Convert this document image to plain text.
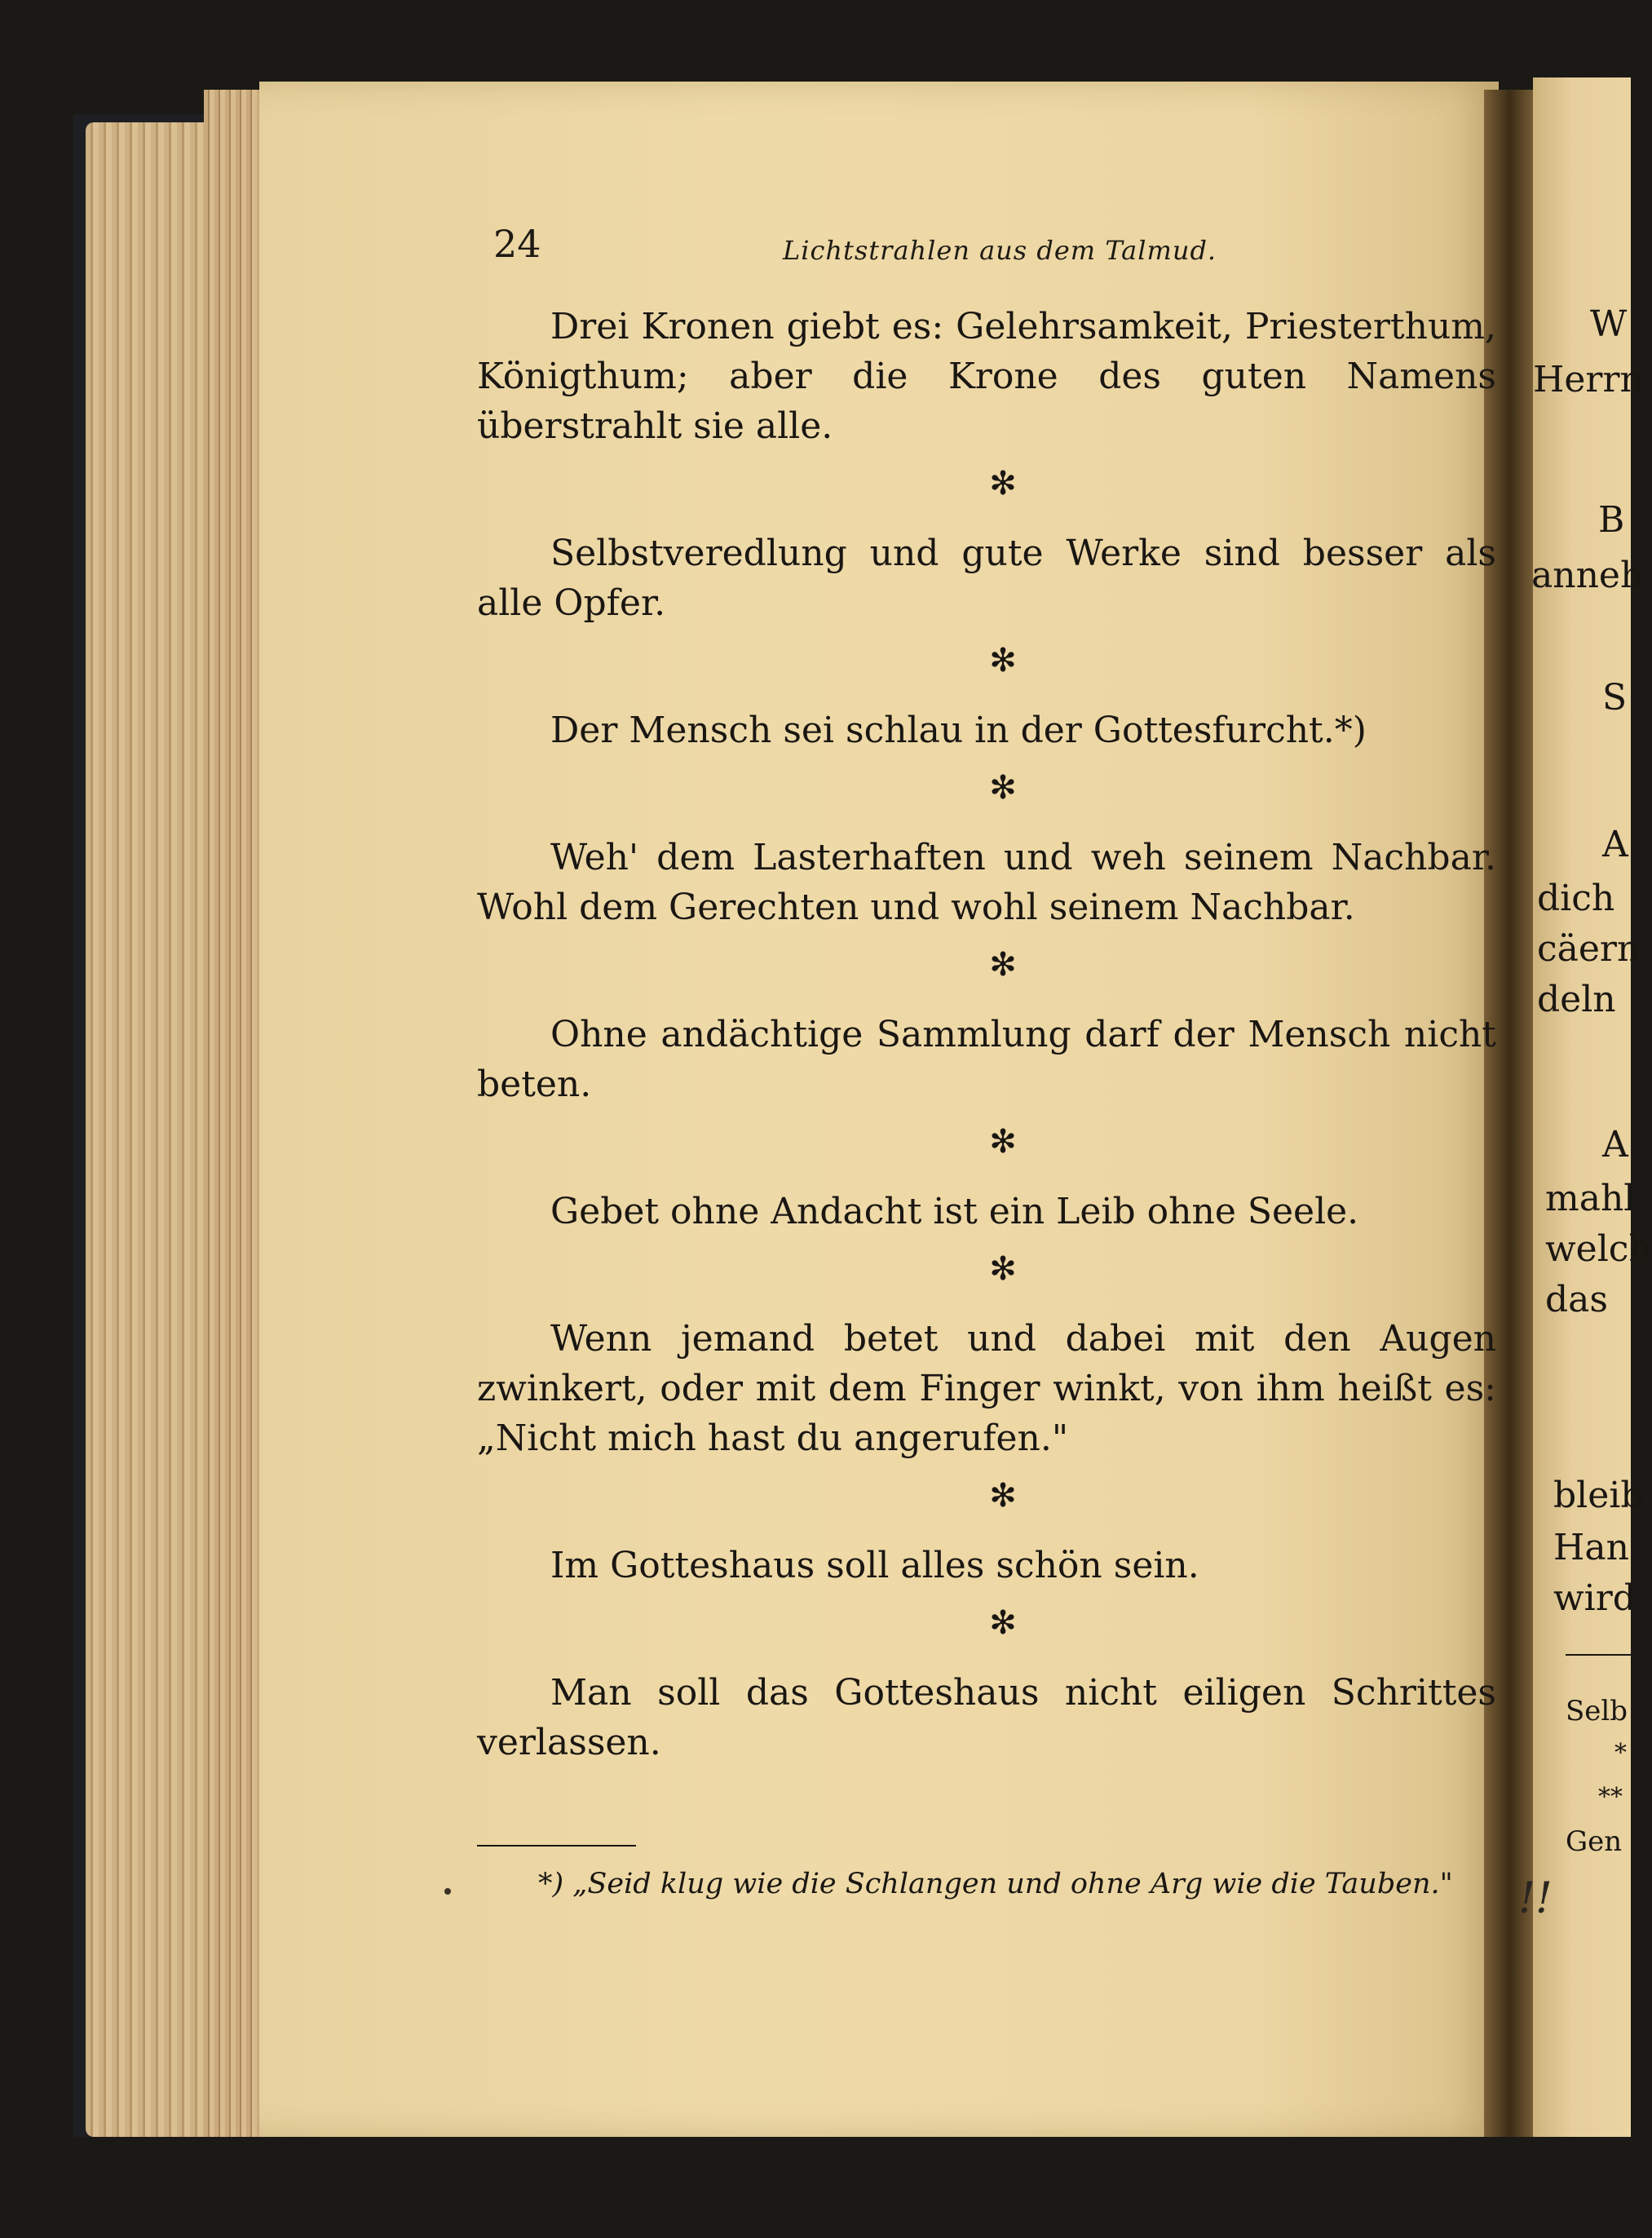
24	Lichtstrahlen aus dem Talmud.

Drei Kronen giebt es: Gelehrsamkeit, Priesterthum, Königthum; aber die Krone des guten Namens überstrahlt sie alle.

✻

Selbstveredlung und gute Werke sind besser als alle Opfer.

✻

Der Mensch sei schlau in der Gottesfurcht.*)

✻

Weh' dem Lasterhaften und weh seinem Nachbar. Wohl dem Gerechten und wohl seinem Nachbar.

✻

Ohne andächtige Sammlung darf der Mensch nicht beten.

✻

Gebet ohne Andacht ist ein Leib ohne Seele.

✻

Wenn jemand betet und dabei mit den Augen zwinkert, oder mit dem Finger winkt, von ihm heißt es: „Nicht mich hast du angerufen."

✻

Im Gotteshaus soll alles schön sein.

✻

Man soll das Gotteshaus nicht eiligen Schrittes verlassen.

*) „Seid klug wie die Schlangen und ohne Arg wie die Tauben."	!!
W
Herrn
B
anneh
S
A
dich
cäern
deln
A
mahl
welch
das
bleib
Han
wird
Selb
*
**
Gen
